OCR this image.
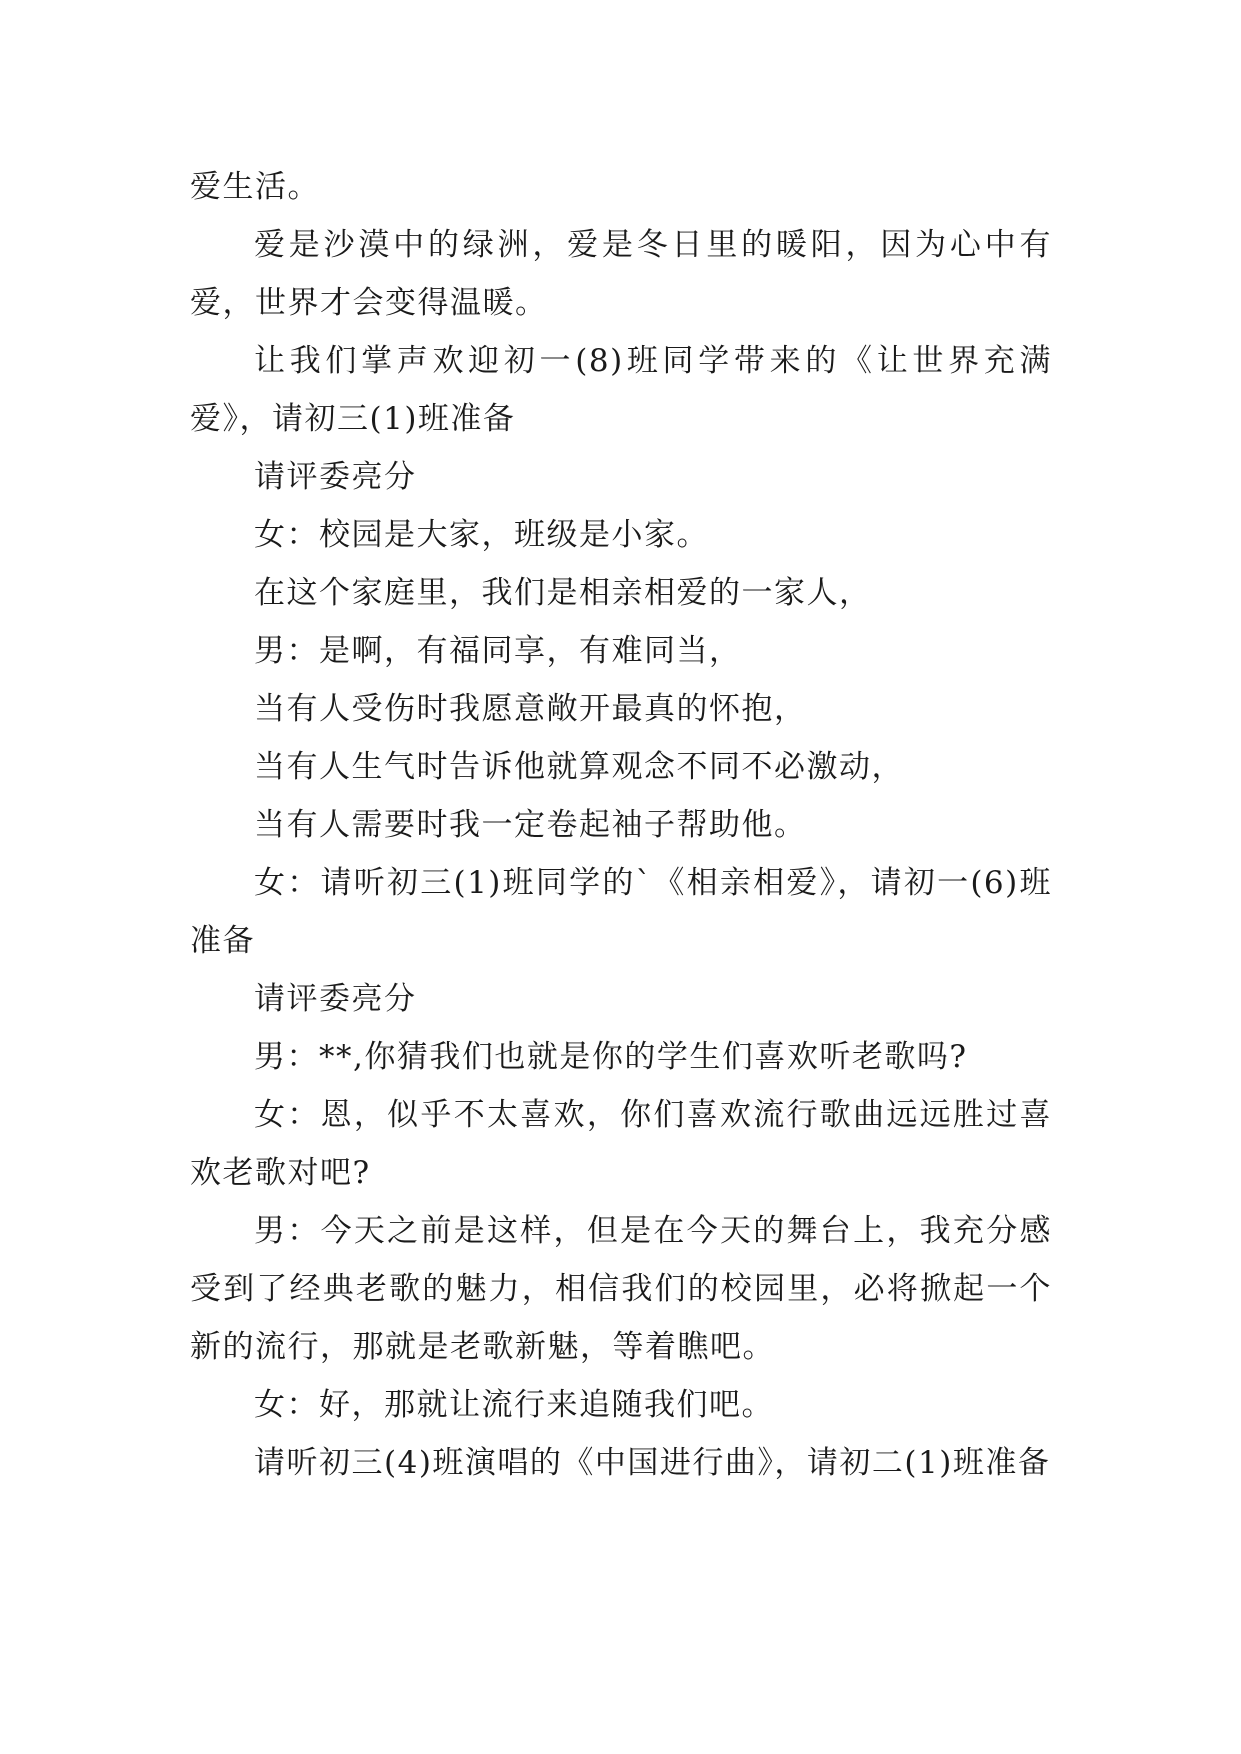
爱生活。

爱是沙漠中的绿洲，爱是冬日里的暖阳，因为心中有爱，世界才会变得温暖。

让我们掌声欢迎初一(8)班同学带来的《让世界充满爱》，请初三(1)班准备

请评委亮分

女：校园是大家，班级是小家。

在这个家庭里，我们是相亲相爱的一家人，

男：是啊，有福同享，有难同当，

当有人受伤时我愿意敞开最真的怀抱，

当有人生气时告诉他就算观念不同不必激动，

当有人需要时我一定卷起袖子帮助他。

女：请听初三(1)班同学的`《相亲相爱》，请初一(6)班准备

请评委亮分

男：**,你猜我们也就是你的学生们喜欢听老歌吗?

女：恩，似乎不太喜欢，你们喜欢流行歌曲远远胜过喜欢老歌对吧?

男：今天之前是这样，但是在今天的舞台上，我充分感受到了经典老歌的魅力，相信我们的校园里，必将掀起一个新的流行，那就是老歌新魅，等着瞧吧。

女：好，那就让流行来追随我们吧。

请听初三(4)班演唱的《中国进行曲》，请初二(1)班准备
